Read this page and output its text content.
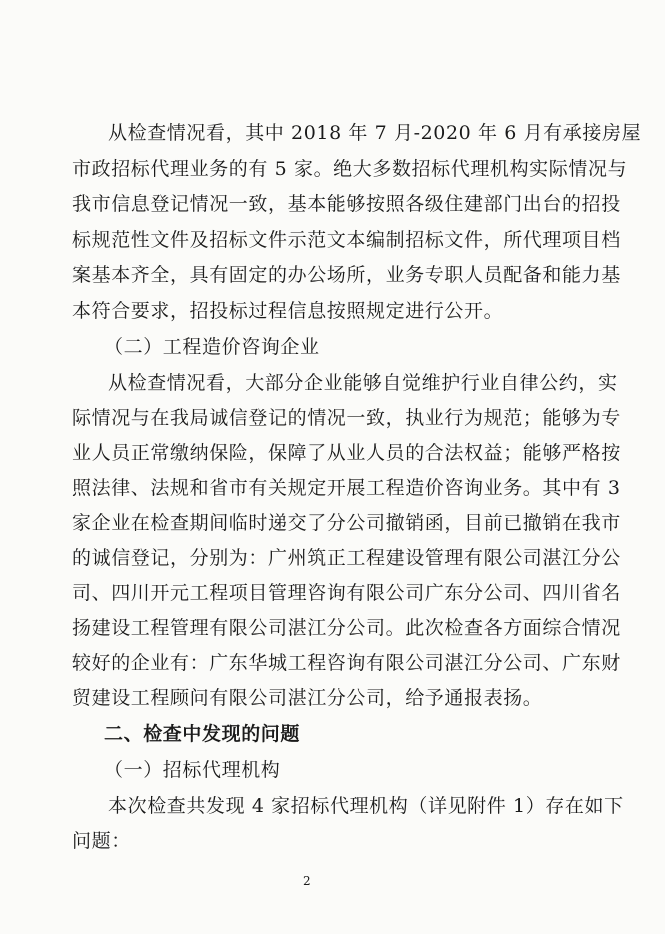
从检查情况看，其中 2018 年 7 月-2020 年 6 月有承接房屋
市政招标代理业务的有 5 家。绝大多数招标代理机构实际情况与
我市信息登记情况一致，基本能够按照各级住建部门出台的招投
标规范性文件及招标文件示范文本编制招标文件，所代理项目档
案基本齐全，具有固定的办公场所，业务专职人员配备和能力基
本符合要求，招投标过程信息按照规定进行公开。
（二）工程造价咨询企业
从检查情况看，大部分企业能够自觉维护行业自律公约，实
际情况与在我局诚信登记的情况一致，执业行为规范；能够为专
业人员正常缴纳保险，保障了从业人员的合法权益；能够严格按
照法律、法规和省市有关规定开展工程造价咨询业务。其中有 3
家企业在检查期间临时递交了分公司撤销函，目前已撤销在我市
的诚信登记，分别为：广州筑正工程建设管理有限公司湛江分公
司、四川开元工程项目管理咨询有限公司广东分公司、四川省名
扬建设工程管理有限公司湛江分公司。此次检查各方面综合情况
较好的企业有：广东华城工程咨询有限公司湛江分公司、广东财
贸建设工程顾问有限公司湛江分公司，给予通报表扬。
二、检查中发现的问题
（一）招标代理机构
本次检查共发现 4 家招标代理机构（详见附件 1）存在如下
问题：
2
